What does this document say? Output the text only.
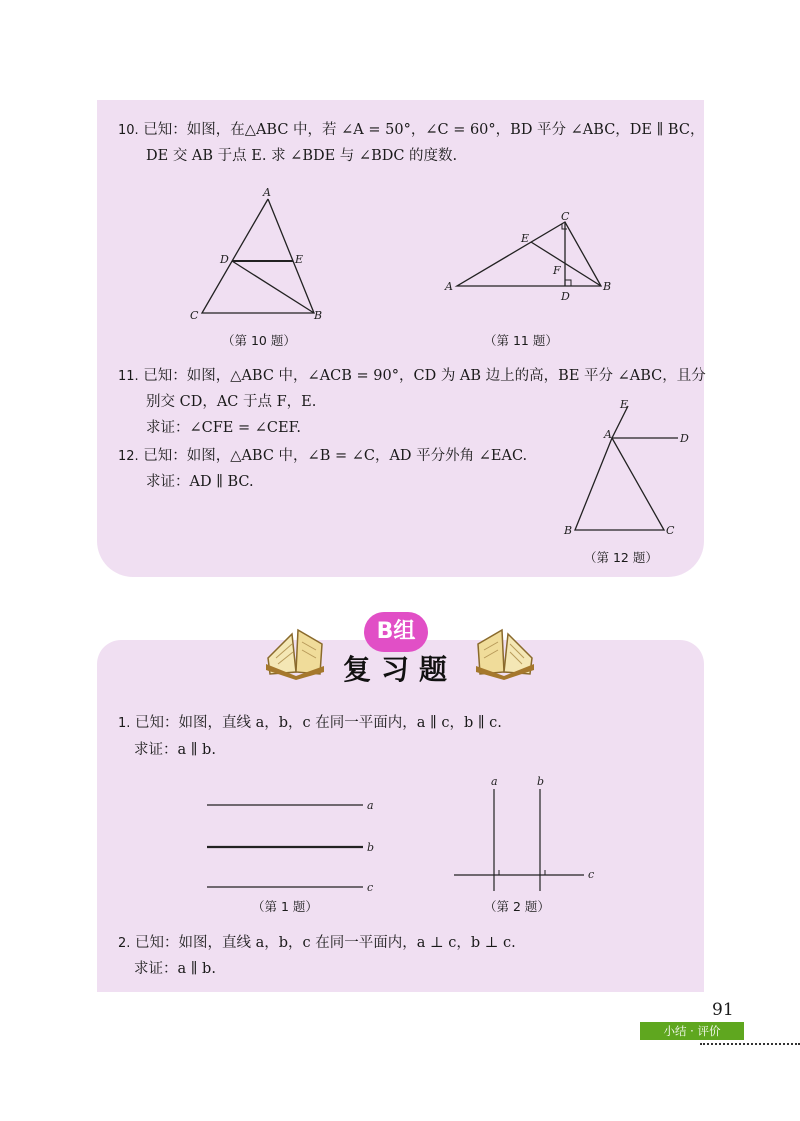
10. 已知：如图，在△ABC 中，若 ∠A = 50°，∠C = 60°，BD 平分 ∠ABC，DE ∥ BC，
DE 交 AB 于点 E. 求 ∠BDE 与 ∠BDC 的度数.
A
D	E
C	B
（第 10 题）
C
E
F
A
D
B
（第 11 题）
11. 已知：如图，△ABC 中，∠ACB = 90°，CD 为 AB 边上的高，BE 平分 ∠ABC，且分
别交 CD，AC 于点 F，E.
求证：∠CFE = ∠CEF.
12. 已知：如图，△ABC 中，∠B = ∠C，AD 平分外角 ∠EAC.
求证：AD ∥ BC.
E
A	D
B	C
（第 12 题）
B组
复习题
1. 已知：如图，直线 a，b，c 在同一平面内，a ∥ c，b ∥ c.
求证：a ∥ b.
a
b
c
（第 1 题）
a	b
c
（第 2 题）
2. 已知：如图，直线 a，b，c 在同一平面内，a ⊥ c，b ⊥ c.
求证：a ∥ b.
91
小结 · 评价
